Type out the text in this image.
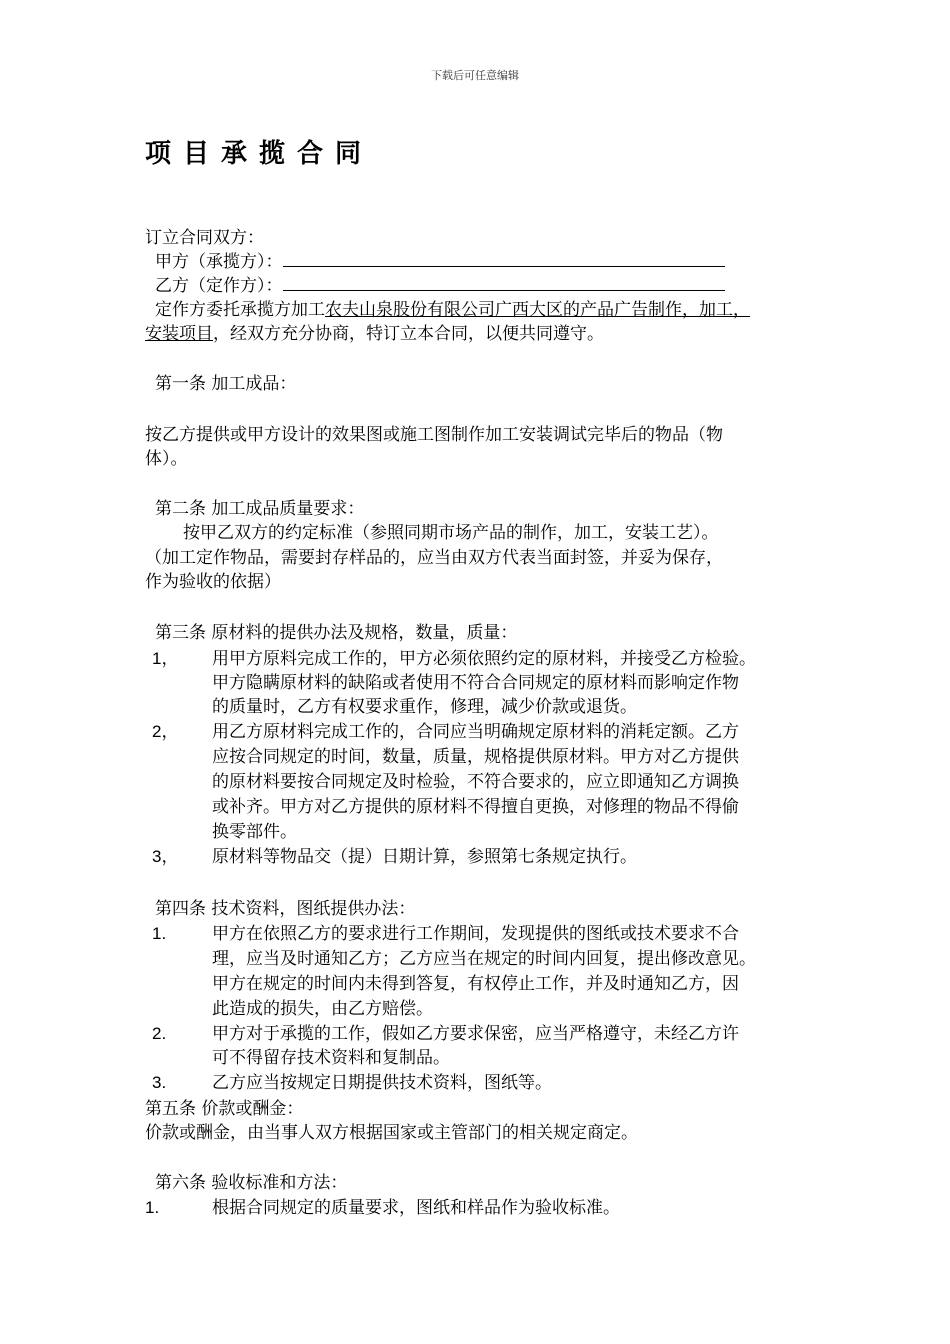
下载后可任意编辑
项目承揽合同
订立合同双方：
甲方（承揽方）：
乙方（定作方）：
定作方委托承揽方加工农夫山泉股份有限公司广西大区的产品广告制作，加工，
安装项目，经双方充分协商，特订立本合同，以便共同遵守。
第一条 加工成品：
按乙方提供或甲方设计的效果图或施工图制作加工安装调试完毕后的物品（物
体）。
第二条 加工成品质量要求：
按甲乙双方的约定标准（参照同期市场产品的制作，加工，安装工艺）。
（加工定作物品，需要封存样品的，应当由双方代表当面封签，并妥为保存，
作为验收的依据）
第三条 原材料的提供办法及规格，数量，质量：
1， 用甲方原料完成工作的，甲方必须依照约定的原材料，并接受乙方检验。
甲方隐瞒原材料的缺陷或者使用不符合合同规定的原材料而影响定作物
的质量时，乙方有权要求重作，修理，减少价款或退货。
2， 用乙方原材料完成工作的，合同应当明确规定原材料的消耗定额。乙方
应按合同规定的时间，数量，质量，规格提供原材料。甲方对乙方提供
的原材料要按合同规定及时检验，不符合要求的，应立即通知乙方调换
或补齐。甲方对乙方提供的原材料不得擅自更换，对修理的物品不得偷
换零部件。
3， 原材料等物品交（提）日期计算，参照第七条规定执行。
第四条 技术资料，图纸提供办法：
1.	甲方在依照乙方的要求进行工作期间，发现提供的图纸或技术要求不合
理，应当及时通知乙方；乙方应当在规定的时间内回复，提出修改意见。
甲方在规定的时间内未得到答复，有权停止工作，并及时通知乙方，因
此造成的损失，由乙方赔偿。
2.	甲方对于承揽的工作，假如乙方要求保密，应当严格遵守，未经乙方许
可不得留存技术资料和复制品。
3.	乙方应当按规定日期提供技术资料，图纸等。
第五条 价款或酬金：
价款或酬金，由当事人双方根据国家或主管部门的相关规定商定。
第六条 验收标准和方法：
1.	根据合同规定的质量要求，图纸和样品作为验收标准。
